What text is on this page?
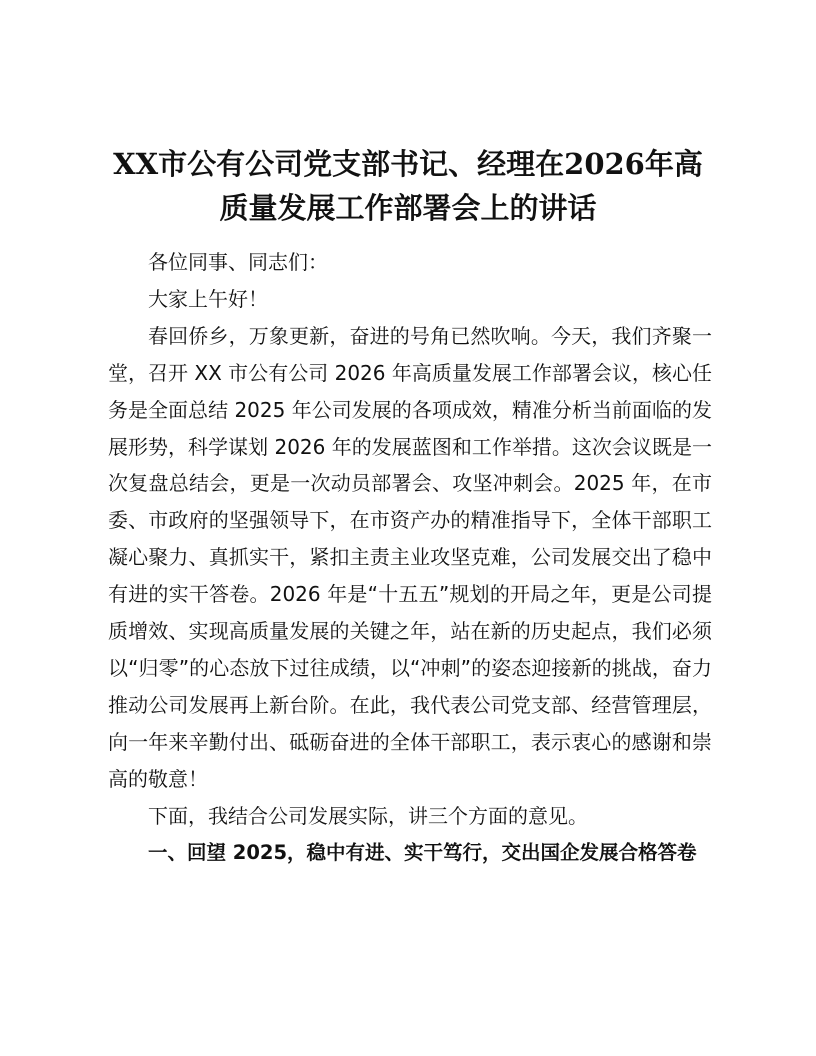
XX市公有公司党支部书记、经理在2026年高
质量发展工作部署会上的讲话

各位同事、同志们：

大家上午好！

春回侨乡，万象更新，奋进的号角已然吹响。今天，我们齐聚一堂，召开 XX 市公有公司 2026 年高质量发展工作部署会议，核心任务是全面总结 2025 年公司发展的各项成效，精准分析当前面临的发展形势，科学谋划 2026 年的发展蓝图和工作举措。这次会议既是一次复盘总结会，更是一次动员部署会、攻坚冲刺会。2025 年，在市委、市政府的坚强领导下，在市资产办的精准指导下，全体干部职工凝心聚力、真抓实干，紧扣主责主业攻坚克难，公司发展交出了稳中有进的实干答卷。2026 年是“十五五”规划的开局之年，更是公司提质增效、实现高质量发展的关键之年，站在新的历史起点，我们必须以“归零”的心态放下过往成绩，以“冲刺”的姿态迎接新的挑战，奋力推动公司发展再上新台阶。在此，我代表公司党支部、经营管理层，向一年来辛勤付出、砥砺奋进的全体干部职工，表示衷心的感谢和崇高的敬意！

下面，我结合公司发展实际，讲三个方面的意见。

一、回望 2025，稳中有进、实干笃行，交出国企发展合格答卷
